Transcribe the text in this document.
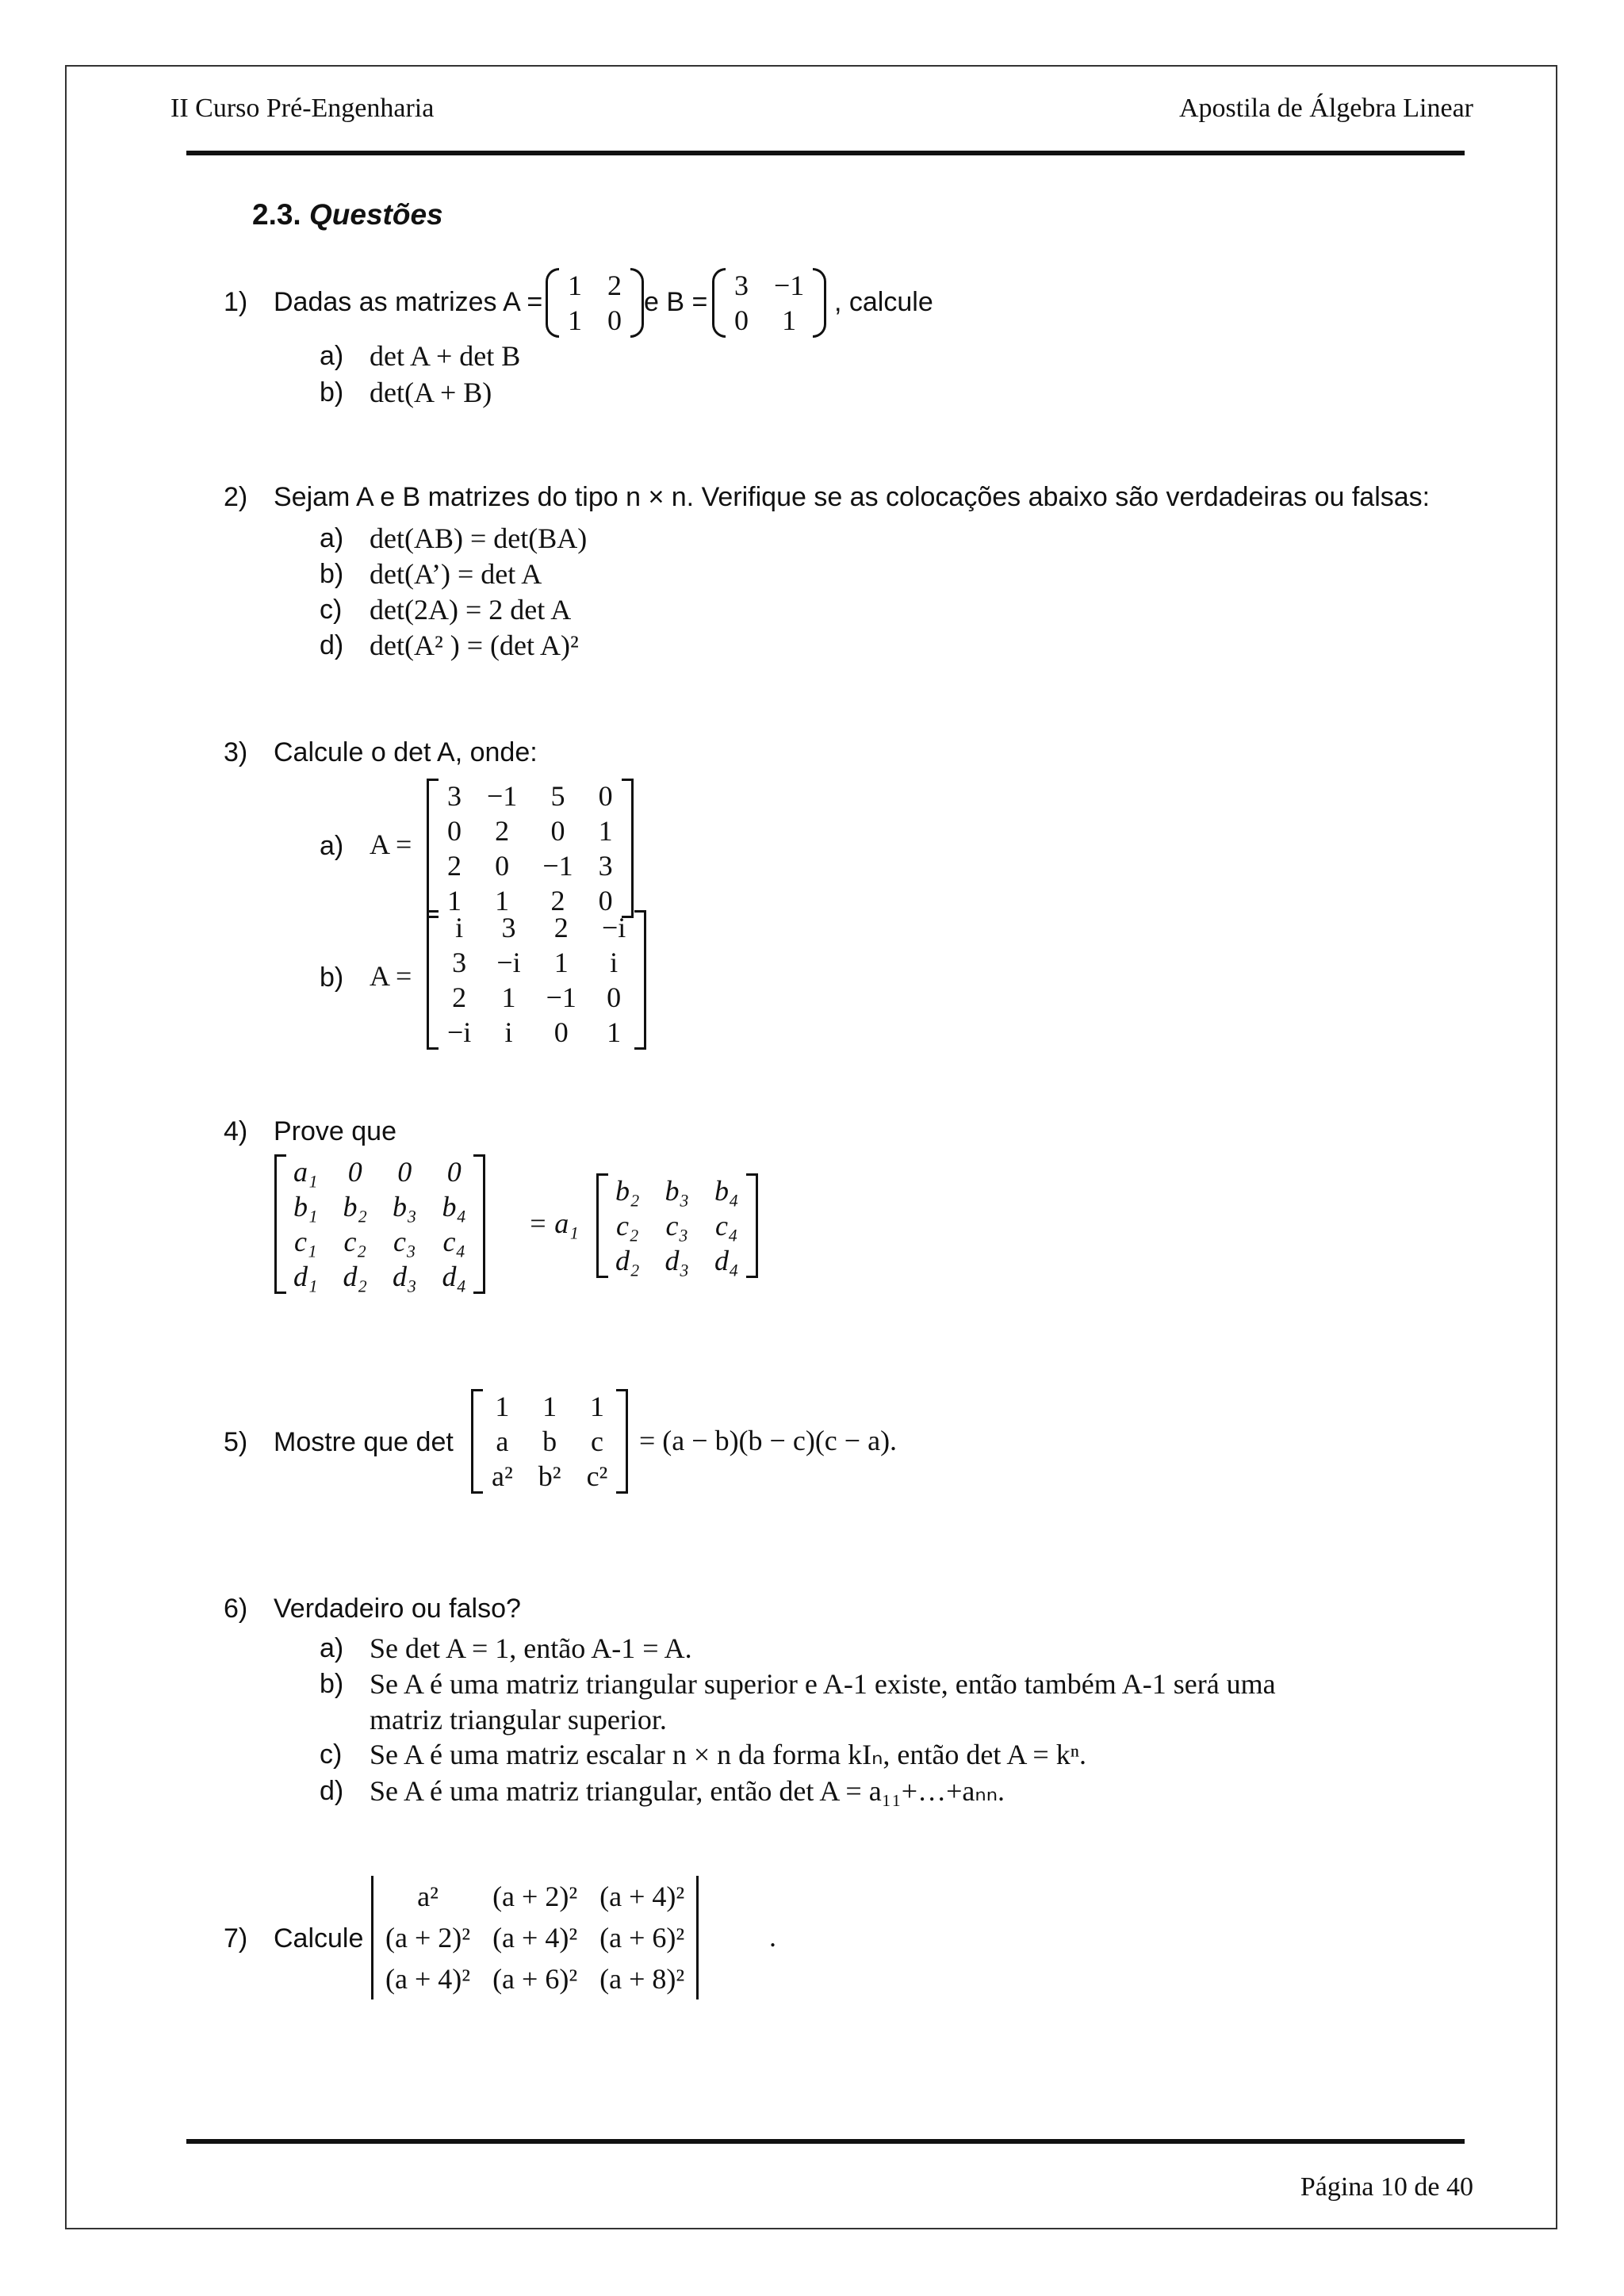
II Curso Pré-Engenharia	Apostila de Álgebra Linear
2.3. Questões
1) Dadas as matrizes A =
1	2
1	0
e B =
3	−1
0	1
, calcule
a) det A + det B
b) det(A + B)
2) Sejam A e B matrizes do tipo n × n. Verifique se as colocações abaixo são verdadeiras ou falsas:
a) det(AB) = det(BA)
b) det(A’) = det A
c) det(2A) = 2 det A
d) det(A² ) = (det A)²
3) Calcule o det A, onde:
a) A =
3	−1	5	0
0	2	0	1
2	0	−1	3
1	1	2	0
b) A =
i	3	2	−i
3	−i	1	i
2	1	−1	0
−i	i	0	1
4) Prove que
a₁	0	0	0
b₁	b₂	b₃	b₄
c₁	c₂	c₃	c₄
d₁	d₂	d₃	d₄
= a₁
b₂	b₃	b₄
c₂	c₃	c₄
d₂	d₃	d₄
5) Mostre que det
1	1	1
a	b	c
a²	b²	c²
= (a − b)(b − c)(c − a).
6) Verdadeiro ou falso?
a) Se det A = 1, então A-1 = A.
b) Se A é uma matriz triangular superior e A-1 existe, então também A-1 será uma
matriz triangular superior.
c) Se A é uma matriz escalar n × n da forma kIₙ, então det A = kⁿ.
d) Se A é uma matriz triangular, então det A = a₁₁+…+aₙₙ.
7) Calcule
a²	(a + 2)²	(a + 4)²
(a + 2)²	(a + 4)²	(a + 6)²
(a + 4)²	(a + 6)²	(a + 8)²
.
Página 10 de 40
